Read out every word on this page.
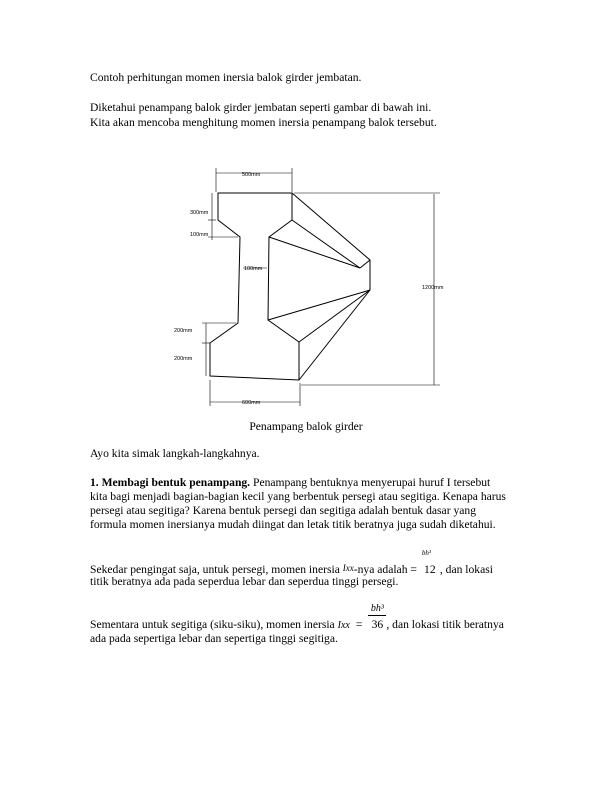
Contoh perhitungan momen inersia balok girder jembatan.
Diketahui penampang balok girder jembatan seperti gambar di bawah ini.
Kita akan mencoba menghitung momen inersia penampang balok tersebut.
500mm
300mm
100mm
100mm
1200mm
200mm
200mm
600mm
Penampang balok girder
Ayo kita simak langkah-langkahnya.
1. Membagi bentuk penampang. Penampang bentuknya menyerupai huruf I tersebut
kita bagi menjadi bagian-bagian kecil yang berbentuk persegi atau segitiga. Kenapa harus
persegi atau segitiga? Karena bentuk persegi dan segitiga adalah bentuk dasar yang
formula momen inersianya mudah diingat dan letak titik beratnya juga sudah diketahui.
Sekedar pengingat saja, untuk persegi, momen inersia Ixx-nya adalah =
bh³
12 , dan lokasi
titik beratnya ada pada seperdua lebar dan seperdua tinggi persegi.
Sementara untuk segitiga (siku-siku), momen inersia Ixx = $\frac{\text{bh³}}{36}$, dan lokasi titik beratnya
ada pada sepertiga lebar dan sepertiga tinggi segitiga.
